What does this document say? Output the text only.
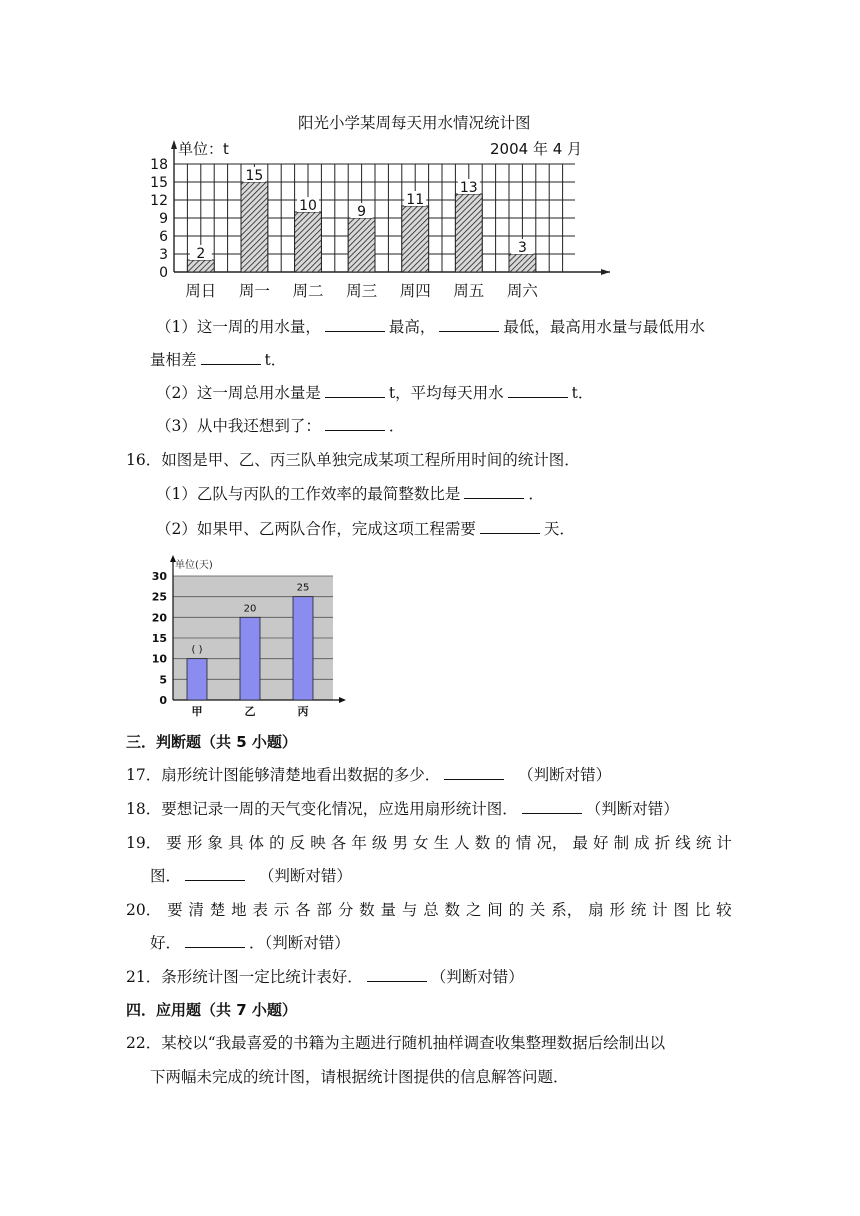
阳光小学某周每天用水情况统计图
单位：t	2004 年 4 月
18
15
12
9
6
3
0
2
15
10	9
11
13
3
周日 周一 周二 周三 周四 周五 周六
（1）这一周的用水量，	最高，	最低，最高用水量与最低用水
量相差	t．
（2）这一周总用水量是	t，平均每天用水	t．
（3）从中我还想到了：	．
16．如图是甲、乙、丙三队单独完成某项工程所用时间的统计图．
（1）乙队与丙队的工作效率的最简整数比是	．
（2）如果甲、乙两队合作，完成这项工程需要	天．
单位(天)
30
25
20
15
10
5
0
( )
20
25
甲	乙	丙
三．判断题（共 5 小题）
17．扇形统计图能够清楚地看出数据的多少．	（判断对错）
18．要想记录一周的天气变化情况，应选用扇形统计图．	（判断对错）
19． 要 形 象 具 体 的 反 映 各 年 级 男 女 生 人 数 的 情 况， 最 好 制 成 折 线 统 计
图．	（判断对错）
20． 要 清 楚 地 表 示 各 部 分 数 量 与 总 数 之 间 的 关 系， 扇 形 统 计 图 比 较
好．	．（判断对错）
21．条形统计图一定比统计表好．	（判断对错）
四．应用题（共 7 小题）
22．某校以“我最喜爱的书籍为主题进行随机抽样调查收集整理数据后绘制出以
下两幅未完成的统计图，请根据统计图提供的信息解答问题．
